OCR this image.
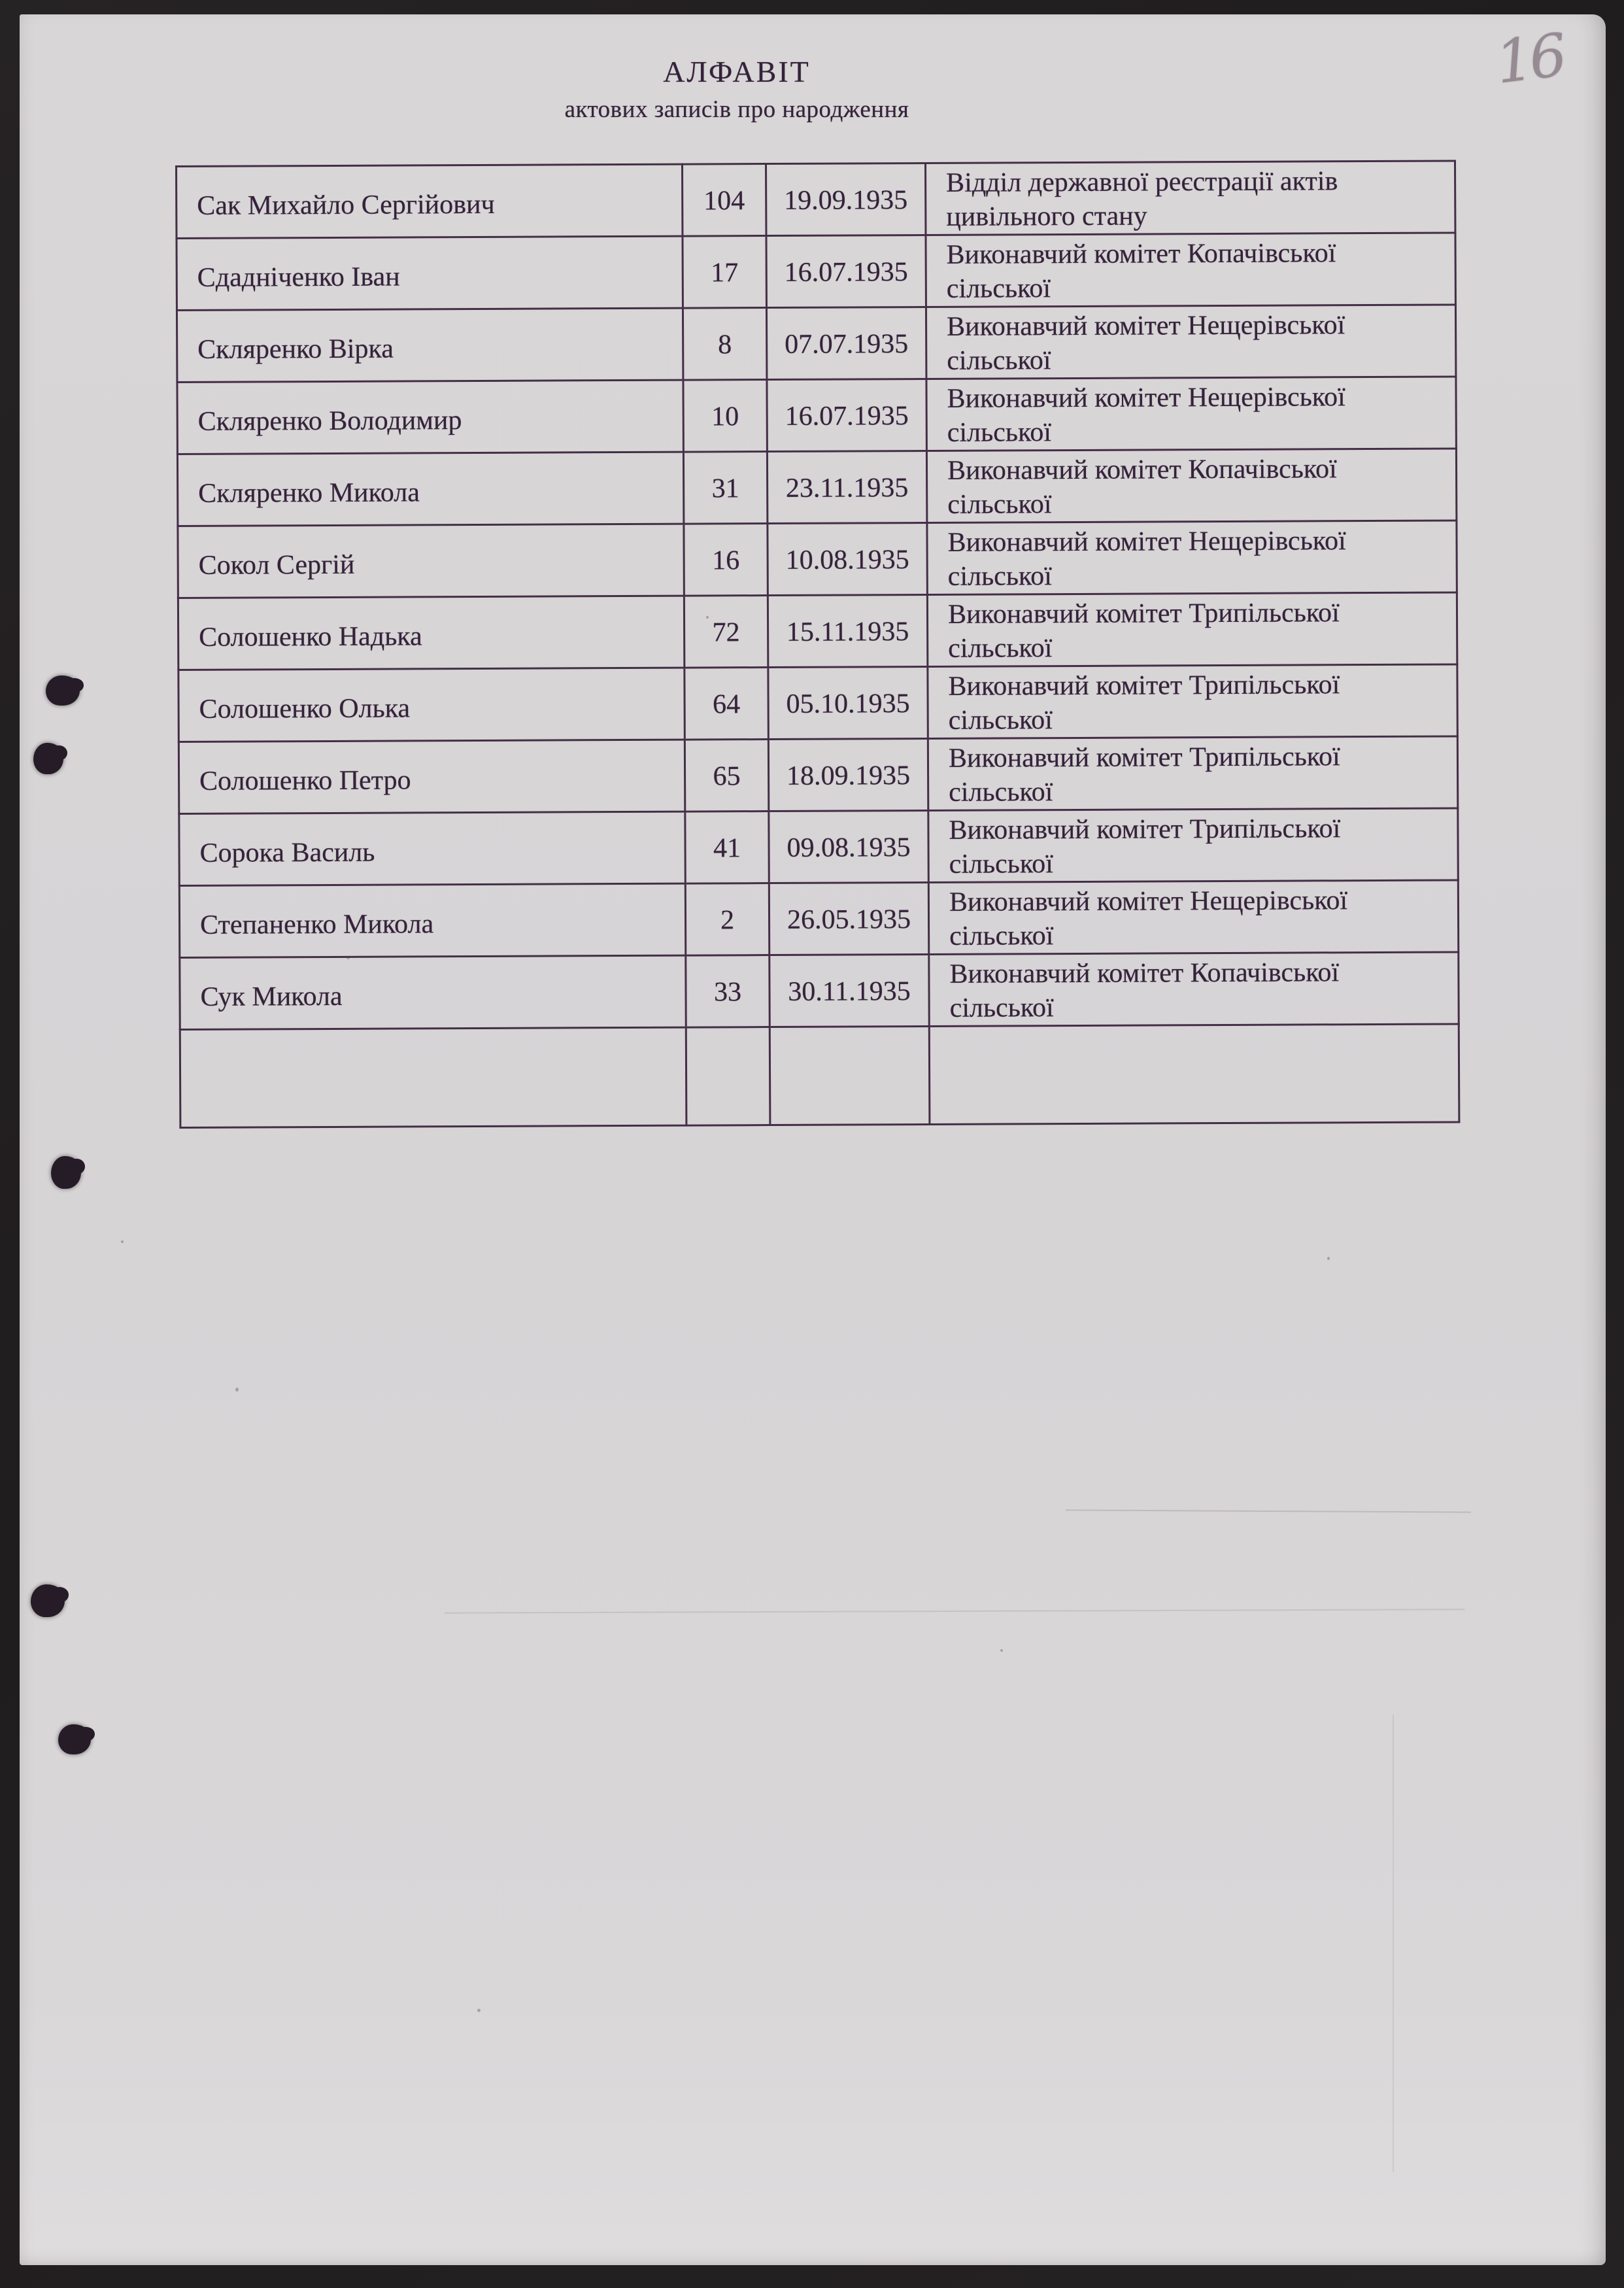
АЛФАВІТ
актових записів про народження
16
Сак Михайло Сергійович	104	19.09.1935	Відділ державної реєстрації актів цивільного стану
Сдадніченко Іван	17	16.07.1935	Виконавчий комітет Копачівської сільської
Скляренко Вірка	8	07.07.1935	Виконавчий комітет Нещерівської сільської
Скляренко Володимир	10	16.07.1935	Виконавчий комітет Нещерівської сільської
Скляренко Микола	31	23.11.1935	Виконавчий комітет Копачівської сільської
Сокол Сергій	16	10.08.1935	Виконавчий комітет Нещерівської сільської
Солошенко Надька	72	15.11.1935	Виконавчий комітет Трипільської сільської
Солошенко Олька	64	05.10.1935	Виконавчий комітет Трипільської сільської
Солошенко Петро	65	18.09.1935	Виконавчий комітет Трипільської сільської
Сорока Василь	41	09.08.1935	Виконавчий комітет Трипільської сільської
Степаненко Микола	2	26.05.1935	Виконавчий комітет Нещерівської сільської
Сук Микола	33	30.11.1935	Виконавчий комітет Копачівської сільської
